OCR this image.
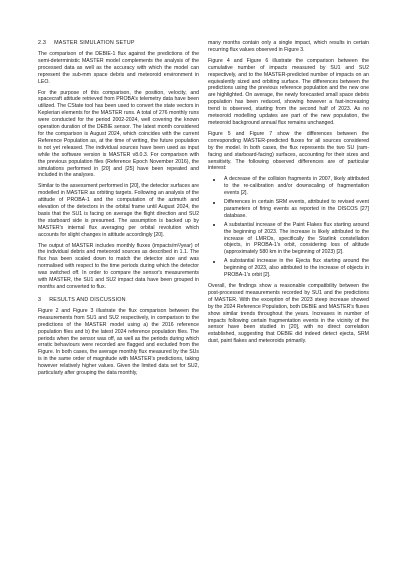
2.3 MASTER SIMULATION SETUP

The comparison of the DEBIE-1 flux against the predictions of the semi-deterministic MASTER model complements the analysis of the processed data as well as the accuracy with which the model can represent the sub-mm space debris and meteoroid environment in LEO.

For the purpose of this comparison, the position, velocity, and spacecraft attitude retrieved from PROBA's telemetry data have been utilized. The CState tool has been used to convert the state vectors in Keplerian elements for the MASTER runs. A total of 276 monthly runs were conducted for the period 2002-2024, well covering the known operation duration of the DEBIE sensor. The latest month considered for the comparison is August 2024, which coincides with the current Reference Population as, at the time of writing, the future population is not yet released. The individual sources have been used as input while the software version is MASTER v8.0.3. For comparison with the previous population files (Reference Epoch November 2016), the simulations performed in [20] and [25] have been repeated and included in the analyses.

Similar to the assessment performed in [20], the detector surfaces are modelled in MASTER as orbiting targets. Following an analysis of the attitude of PROBA-1 and the computation of the azimuth and elevation of the detectors in the orbital frame until August 2024, the basis that the SU1 is facing on average the flight direction and SU2 the starboard side is presumed. The assumption is backed up by MASTER's internal flux averaging per orbital revolution which accounts for slight changes in attitude accordingly [20].

The output of MASTER includes monthly fluxes (impacts/m²/year) of the individual debris and meteoroid sources as described in 1.1. The flux has been scaled down to match the detector size and was normalised with respect to the time periods during which the detector was switched off. In order to compare the sensor's measurements with MASTER, the SU1 and SU2 impact data have been grouped in months and converted to flux.

3 RESULTS AND DISCUSSION

Figure 2 and Figure 3 illustrate the flux comparison between the measurements from SU1 and SU2 respectively, in comparison to the predictions of the MASTER model using a) the 2016 reference population files and b) the latest 2024 reference population files. The periods when the sensor was off, as well as the periods during which erratic behaviours were recorded are flagged and excluded from the Figure. In both cases, the average monthly flux measured by the SUs is in the same order of magnitude with MASTER's predictions, taking however relatively higher values. Given the limited data set for SU2, particularly after grouping the data monthly,

many months contain only a single impact, which results in certain recurring flux values observed in Figure 3.

Figure 4 and Figure 6 illustrate the comparison between the cumulative number of impacts measured by SU1 and SU2 respectively, and to the MASTER-predicted number of impacts on an equivalently sized and orbiting surface. The differences between the predictions using the previous reference population and the new one are highlighted. On average, the newly forecasted small space debris population has been reduced, showing however a fast-increasing trend is observed, starting from the second half of 2023. As no meteoroid modelling updates are part of the new population, the meteoroid background annual flux remains unchanged.

Figure 5 and Figure 7 show the differences between the corresponding MASTER-predicted fluxes for all sources considered by the model. In both cases, the flux represents the two SU (ram-facing and starboard-facing) surfaces, accounting for their sizes and sensitivity. The following observed differences are of particular interest:

A decrease of the collision fragments in 2007, likely attributed to the re-calibration and/or downscaling of fragmentation events [2].
Differences in certain SRM events, attributed to revised event parameters of firing events as reported in the DISCOS [27] database.
A substantial increase of the Paint Flakes flux starting around the beginning of 2023. The increase is likely attributed to the increase of LMROs, specifically the Starlink constellation objects, in PROBA-1's orbit, considering loss of altitude (approximately 580 km in the beginning of 2023) [2].
A substantial increase in the Ejecta flux starting around the beginning of 2023, also attributed to the increase of objects in PROBA-1's orbit [2].

Overall, the findings show a reasonable compatibility between the post-processed measurements recorded by SU1 and the predictions of MASTER. With the exception of the 2023 steep increase showed by the 2024 Reference Population, both DEBIE and MASTER's fluxes show similar trends throughout the years. Increases in number of impacts following certain fragmentation events in the vicinity of the sensor have been studied in [20], with no direct correlation established, suggesting that DEBIE did indeed detect ejecta, SRM dust, paint flakes and meteoroids primarily.
